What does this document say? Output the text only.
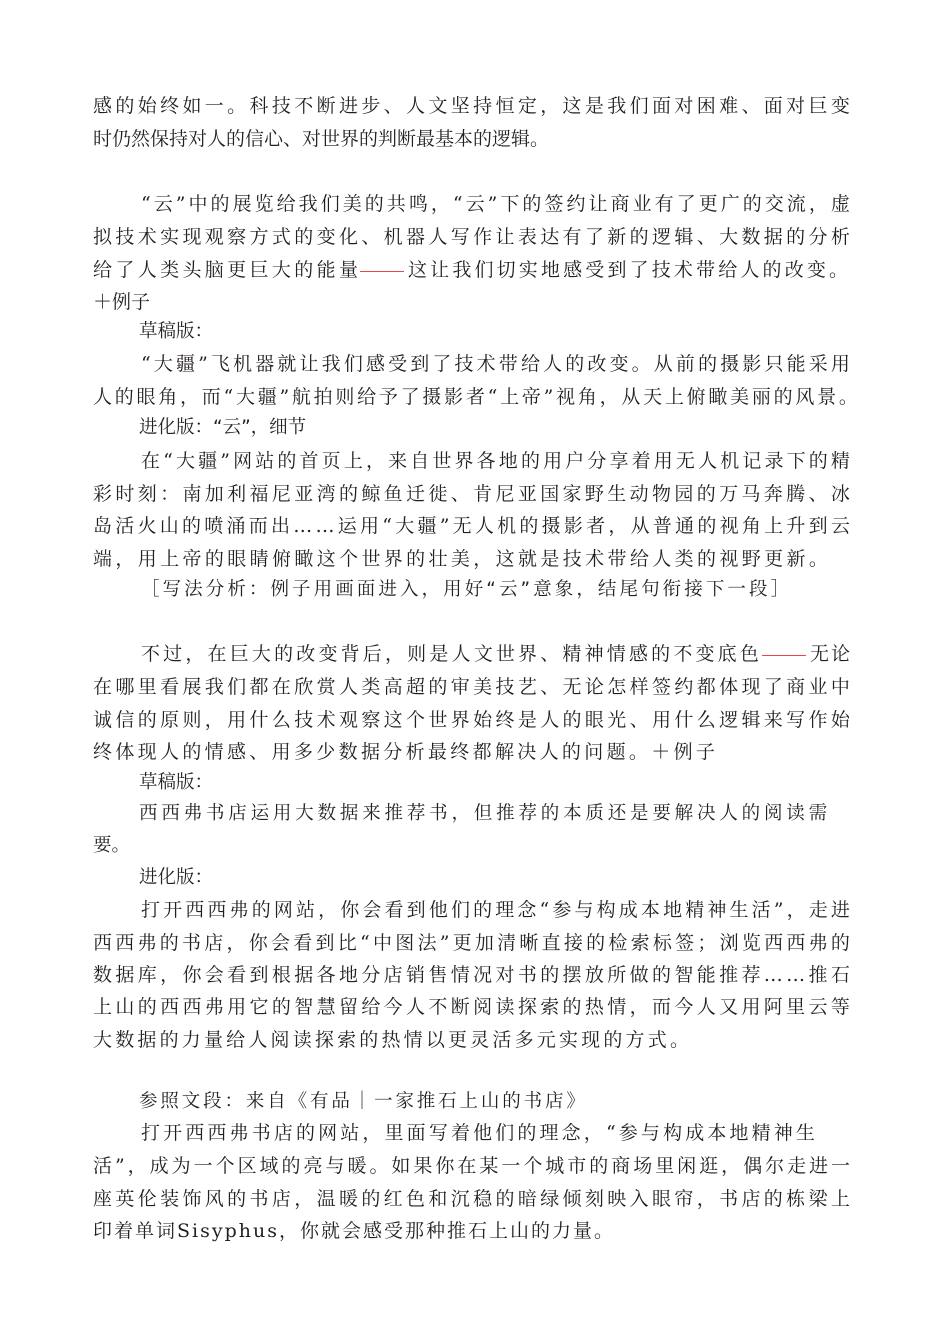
感的始终如一。科技不断进步、人文坚持恒定，这是我们面对困难、面对巨变
时仍然保持对人的信心、对世界的判断最基本的逻辑。
“云”中的展览给我们美的共鸣，“云”下的签约让商业有了更广的交流，虚
拟技术实现观察方式的变化、机器人写作让表达有了新的逻辑、大数据的分析
给了人类头脑更巨大的能量 这让我们切实地感受到了技术带给人的改变。
＋例子
草稿版：
“大疆”飞机器就让我们感受到了技术带给人的改变。从前的摄影只能采用
人的眼角，而“大疆”航拍则给予了摄影者“上帝”视角，从天上俯瞰美丽的风景。
进化版：“云”，细节
在“大疆”网站的首页上，来自世界各地的用户分享着用无人机记录下的精
彩时刻：南加利福尼亚湾的鲸鱼迁徙、肯尼亚国家野生动物园的万马奔腾、冰
岛活火山的喷涌而出……运用“大疆”无人机的摄影者，从普通的视角上升到云
端，用上帝的眼睛俯瞰这个世界的壮美，这就是技术带给人类的视野更新。
［写法分析：例子用画面进入，用好“云”意象，结尾句衔接下一段］
不过，在巨大的改变背后，则是人文世界、精神情感的不变底色	无论
在哪里看展我们都在欣赏人类高超的审美技艺、无论怎样签约都体现了商业中
诚信的原则，用什么技术观察这个世界始终是人的眼光、用什么逻辑来写作始
终体现人的情感、用多少数据分析最终都解决人的问题。＋例子
草稿版：
西西弗书店运用大数据来推荐书，但推荐的本质还是要解决人的阅读需
要。
进化版：
打开西西弗的网站，你会看到他们的理念“参与构成本地精神生活”，走进
西西弗的书店，你会看到比“中图法”更加清晰直接的检索标签；浏览西西弗的
数据库，你会看到根据各地分店销售情况对书的摆放所做的智能推荐……推石
上山的西西弗用它的智慧留给今人不断阅读探索的热情，而今人又用阿里云等
大数据的力量给人阅读探索的热情以更灵活多元实现的方式。
参照文段：来自《有品｜一家推石上山的书店》
打开西西弗书店的网站，里面写着他们的理念，“参与构成本地精神生
活”，成为一个区域的亮与暖。如果你在某一个城市的商场里闲逛，偶尔走进一
座英伦装饰风的书店，温暖的红色和沉稳的暗绿倾刻映入眼帘，书店的栋梁上
印着单词Sisyphus，你就会感受那种推石上山的力量。
